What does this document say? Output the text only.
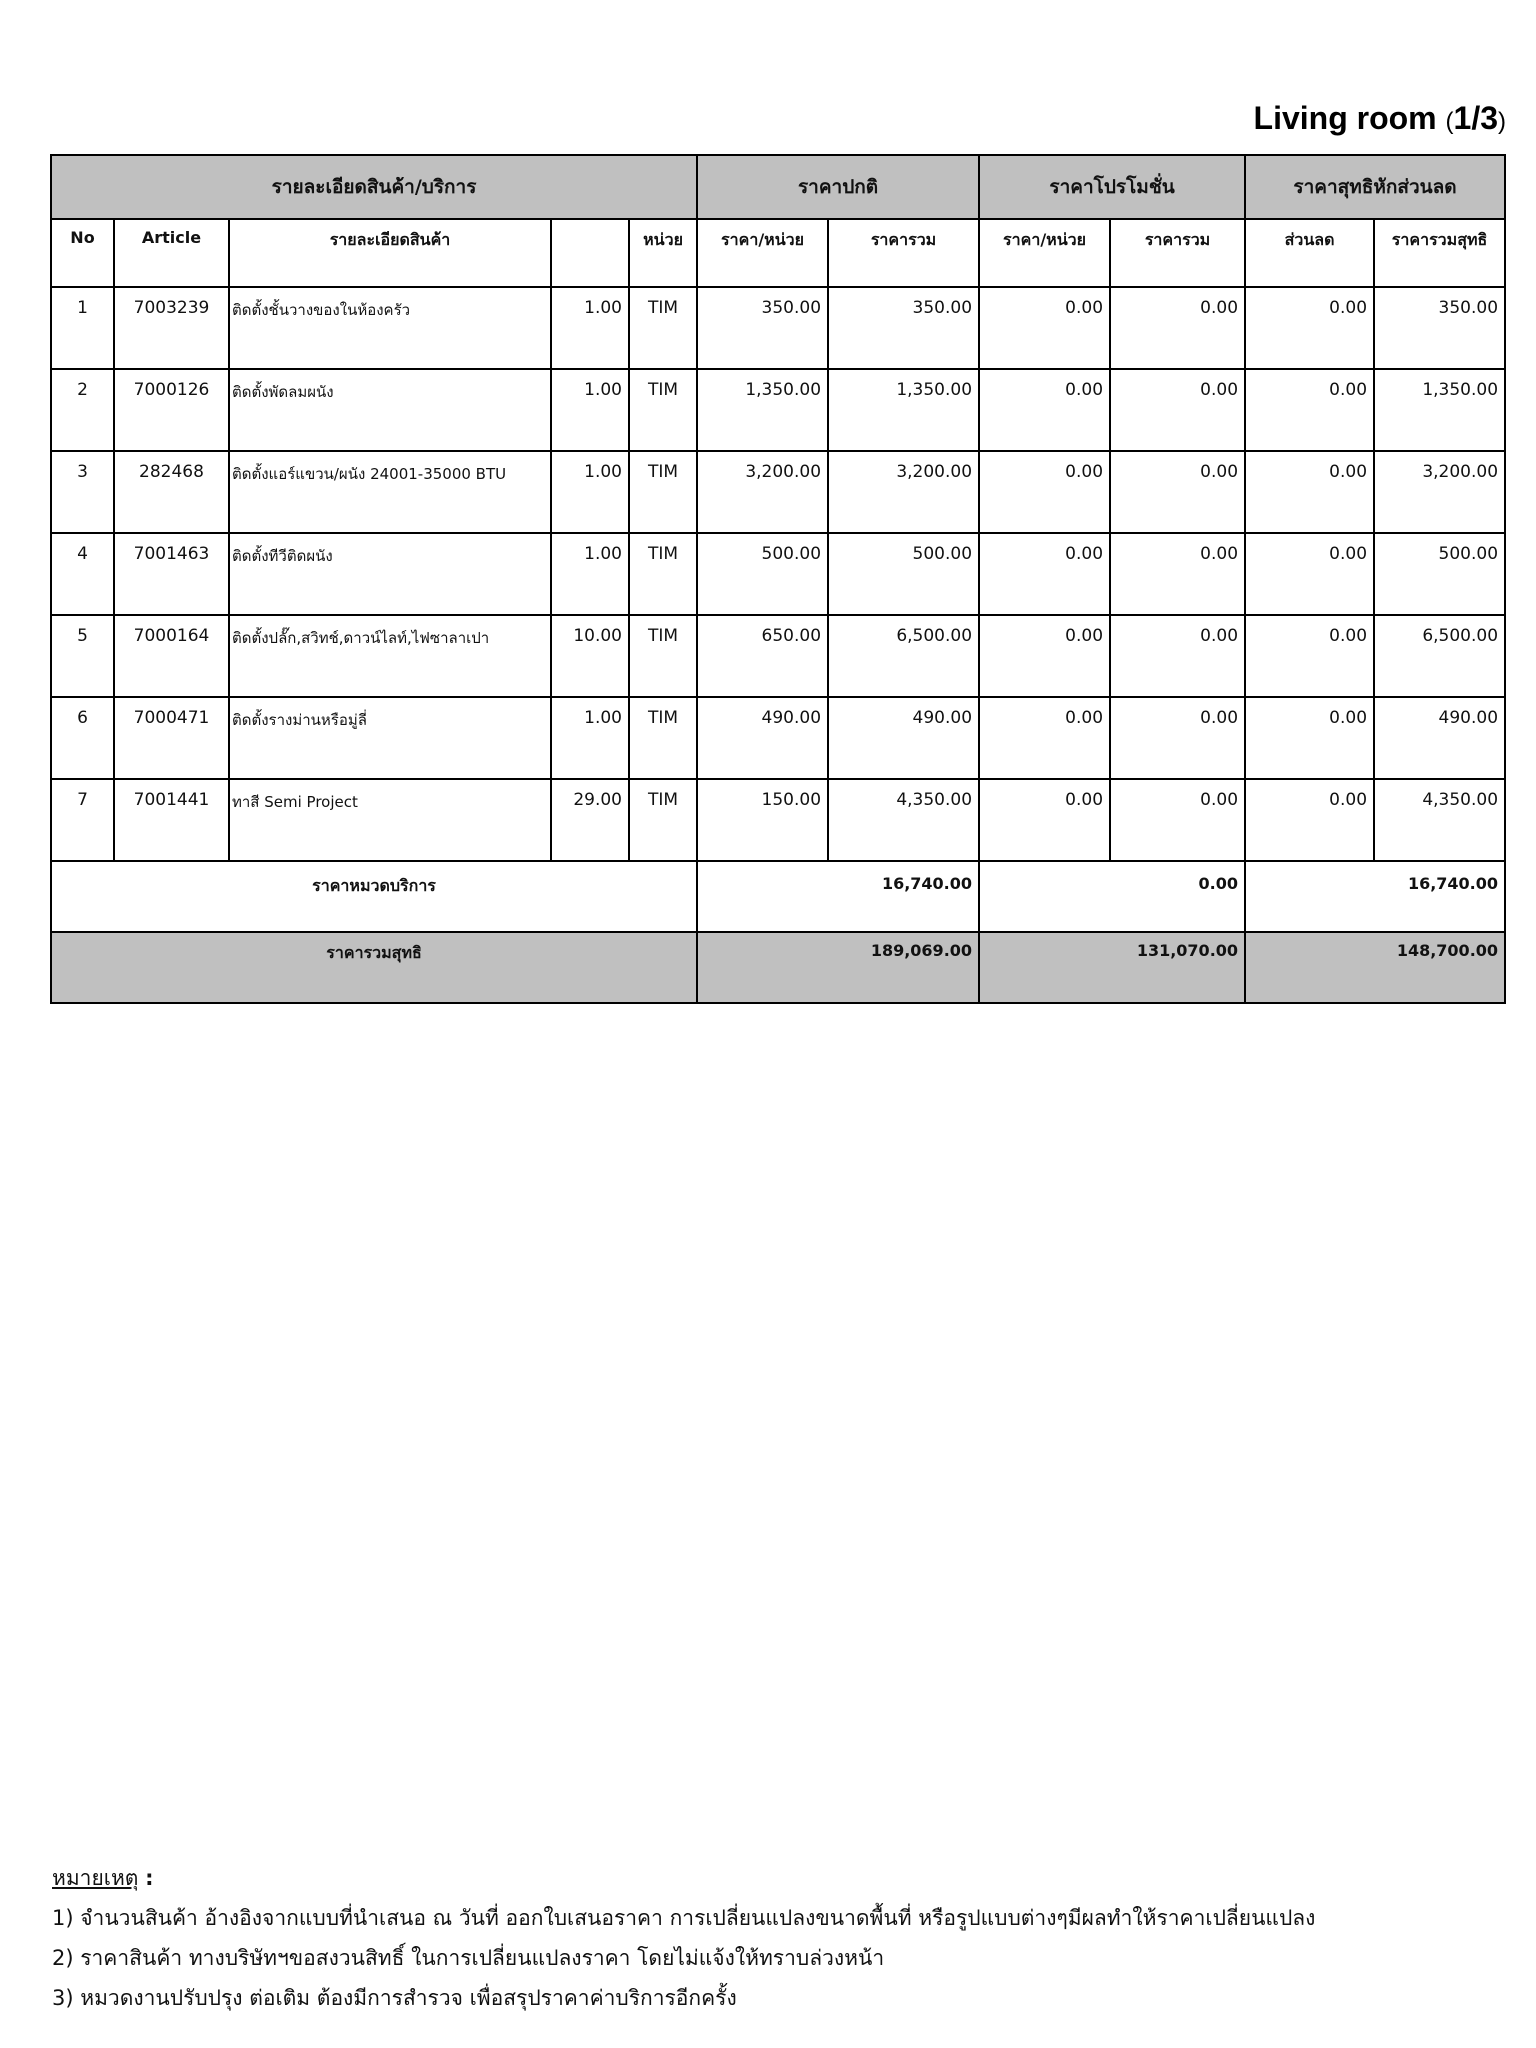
Living room (1/3)
รายละเอียดสินค้า/บริการ					ราคาปกติ		ราคาโปรโมชั่น		ราคาสุทธิหักส่วนลด	
No	Article	รายละเอียดสินค้า		หน่วย	ราคา/หน่วย	ราคารวม	ราคา/หน่วย	ราคารวม	ส่วนลด	ราคารวมสุทธิ
1	7003239	ติดตั้งชั้นวางของในห้องครัว	1.00	TIM	350.00	350.00	0.00	0.00	0.00	350.00
2	7000126	ติดตั้งพัดลมผนัง	1.00	TIM	1,350.00	1,350.00	0.00	0.00	0.00	1,350.00
3	282468	ติดตั้งแอร์แขวน/ผนัง 24001-35000 BTU	1.00	TIM	3,200.00	3,200.00	0.00	0.00	0.00	3,200.00
4	7001463	ติดตั้งทีวีติดผนัง	1.00	TIM	500.00	500.00	0.00	0.00	0.00	500.00
5	7000164	ติดตั้งปลั๊ก,สวิทช์,ดาวน์ไลท์,ไฟซาลาเปา	10.00	TIM	650.00	6,500.00	0.00	0.00	0.00	6,500.00
6	7000471	ติดตั้งรางม่านหรือมู่ลี่	1.00	TIM	490.00	490.00	0.00	0.00	0.00	490.00
7	7001441	ทาสี Semi Project	29.00	TIM	150.00	4,350.00	0.00	0.00	0.00	4,350.00
ราคาหมวดบริการ					16,740.00		0.00		16,740.00	
ราคารวมสุทธิ					189,069.00		131,070.00		148,700.00	
หมายเหตุ :
1) จำนวนสินค้า อ้างอิงจากแบบที่นำเสนอ ณ วันที่ ออกใบเสนอราคา การเปลี่ยนแปลงขนาดพื้นที่ หรือรูปแบบต่างๆมีผลทำให้ราคาเปลี่ยนแปลง
2) ราคาสินค้า ทางบริษัทฯขอสงวนสิทธิ์ ในการเปลี่ยนแปลงราคา โดยไม่แจ้งให้ทราบล่วงหน้า
3) หมวดงานปรับปรุง ต่อเติม ต้องมีการสำรวจ เพื่อสรุปราคาค่าบริการอีกครั้ง
